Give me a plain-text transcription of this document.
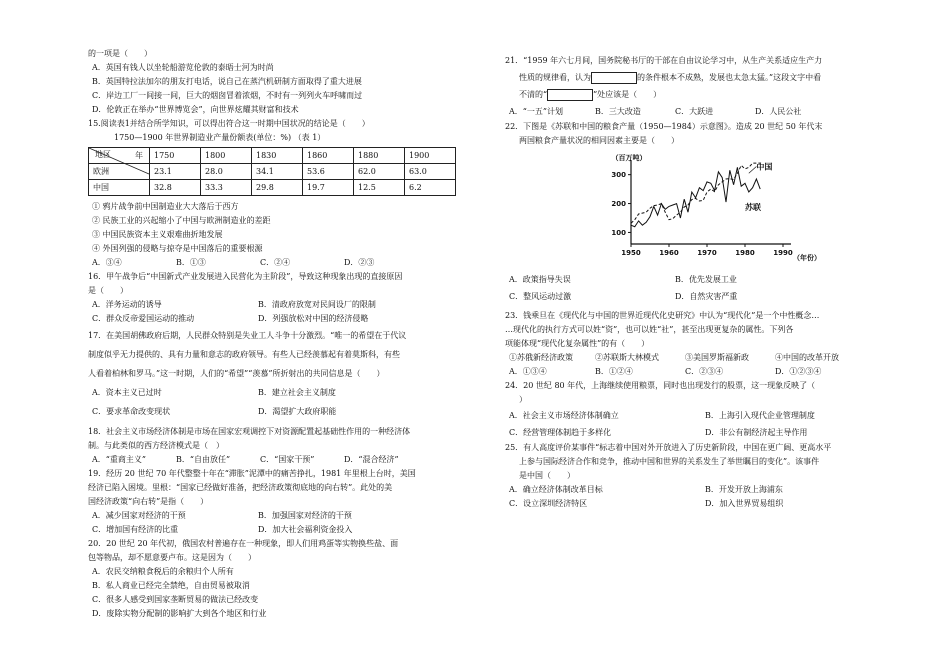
的一项是（　　）
A．英国有钱人以坐轮船游览伦敦的泰晤士河为时尚
B．英国特拉法加尔的朋友打电话，说自己在蒸汽机研制方面取得了重大进展
C．岸边工厂一间接一间，巨大的烟囱冒着浓烟，不时有一列列火车呼啸而过
D．伦敦正在举办“世界博览会”，向世界炫耀其财富和技术
15.阅读表1并结合所学知识，可以得出符合这一时期中国状况的结论是（　　）
1750—1900 年世界制造业产量份额表(单位：%) （表 1）
年
地区	1750	1800	1830	1860	1880	1900
欧洲	23.1	28.0	34.1	53.6	62.0	63.0
中国	32.8	33.3	29.8	19.7	12.5	6.2
① 鸦片战争前中国制造业大大落后于西方
② 民族工业的兴起缩小了中国与欧洲制造业的差距
③ 中国民族资本主义艰难曲折地发展
④ 外国列强的侵略与掠夺是中国落后的重要根源
A．③④	B．①③	C．②④	D．②③
16．甲午战争后“中国新式产业发展进入民营化为主阶段”，导致这种现象出现的直接原因
是（　　）
A．洋务运动的诱导	B．清政府放宽对民间设厂的限制
C．群众反帝爱国运动的推动	D．列强放松对中国的经济侵略
17．在美国胡佛政府后期，人民群众特别是失业工人斗争十分激烈。“唯一的希望在于代议
制度似乎无力提供的、具有力量和意志的政府领导。有些人已经羡慕起有着莫斯科，有些
人看着柏林和罗马。”这一时期，人们的“希望”“羡慕”所折射出的共同信息是（　　）
A．资本主义已过时	B．建立社会主义制度
C．要求革命改变现状	D．渴望扩大政府职能
18．社会主义市场经济体制是市场在国家宏观调控下对资源配置起基础性作用的一种经济体
制。与此类似的西方经济模式是（　）
A．“重商主义”	B．“自由放任”	C．“国家干预”	D．“混合经济”
19．经历 20 世纪 70 年代整整十年在“滞胀”泥潭中的痛苦挣扎，1981 年里根上台时，美国
经济已陷入困境。里根：“国家已经做好准备，把经济政策彻底地的向右转”。此处的美
国经济政策“向右转”是指（　　）
A．减少国家对经济的干预	B．加强国家对经济的干预
C．增加国有经济的比重	D．加大社会福利资金投入
20．20 世纪 20 年代初，俄国农村普遍存在一种现象，即人们用鸡蛋等实物换些盐、面
包等物品，却不愿意要卢布。这是因为（　　）
A．农民交纳粮食税后的余粮归个人所有
B．私人商业已经完全禁绝，自由贸易被取消
C．很多人感受到国家垄断贸易的做法已经改变
D．废除实物分配制的影响扩大到各个地区和行业
21．“1959 年六七月间，国务院秘书厅的干部在自由议论学习中，从生产关系适应生产力
性质的规律看，认为	的条件根本不成熟，发展也太急太猛。”这段文字中看
不清的“	”处应该是（　　）
A．“一五”计划	B．三大改造	C．大跃进	D．人民公社
22．下图是《苏联和中国的粮食产量（1950—1984）示意图》。造成 20 世纪 50 年代末
两国粮食产量状况的相同因素主要是（　　）
（百万吨）
（年份）
1950	1960	1970	1980	1990
100
200
300
中国
苏联
A．政策指导失误	B．优先发展工业
C．整风运动过激	D．自然灾害严重
23．钱乘旦在《现代化与中国的世界近现代化史研究》中认为“现代化”是一个中性概念…
…现代化的执行方式可以姓“资”，也可以姓“社”，甚至出现更复杂的属性。下列各
项能体现“现代化复杂属性”的有（　　）
①苏俄新经济政策	②苏联斯大林模式	③美国罗斯福新政	④中国的改革开放
A．①③④	B．①②④	C．②③④	D．①②③④
24．20 世纪 80 年代，上海继续使用粮票，同时也出现发行的股票，这一现象反映了（
）
A．社会主义市场经济体制确立	B．上海引入现代企业管理制度
C．经营管理体制趋于多样化	D．非公有制经济起主导作用
25．有人高度评价某事件“标志着中国对外开放进入了历史新阶段，中国在更广阔、更高水平
上参与国际经济合作和竞争，推动中国和世界的关系发生了举世瞩目的变化”。该事件
是中国（　　）
A．确立经济体制改革目标	B．开发开放上海浦东
C．设立深圳经济特区	D．加入世界贸易组织
